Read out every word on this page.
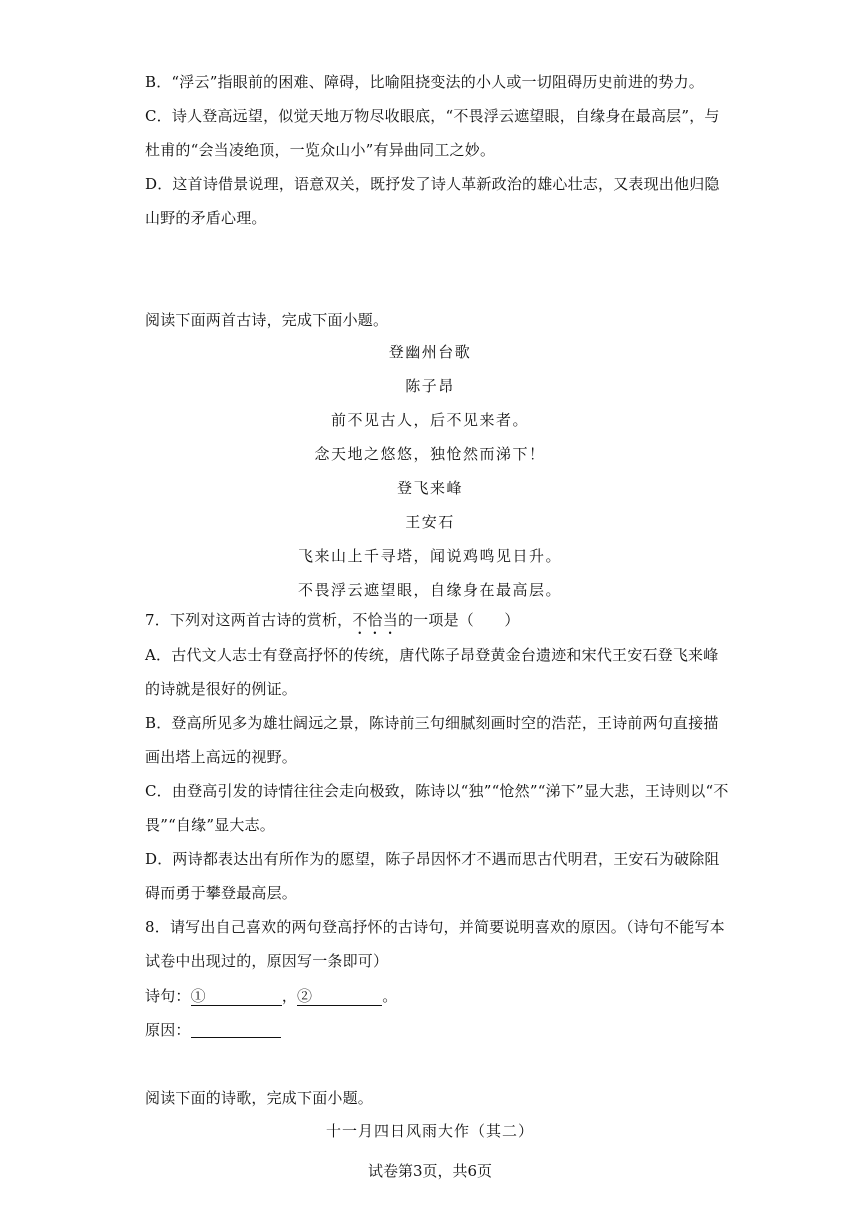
B．“浮云”指眼前的困难、障碍，比喻阻挠变法的小人或一切阻碍历史前进的势力。
C．诗人登高远望，似觉天地万物尽收眼底，“不畏浮云遮望眼，自缘身在最高层”，与
杜甫的“会当凌绝顶，一览众山小”有异曲同工之妙。
D．这首诗借景说理，语意双关，既抒发了诗人革新政治的雄心壮志，又表现出他归隐
山野的矛盾心理。
阅读下面两首古诗，完成下面小题。
登幽州台歌
陈子昂
前不见古人，后不见来者。
念天地之悠悠，独怆然而涕下！
登飞来峰
王安石
飞来山上千寻塔，闻说鸡鸣见日升。
不畏浮云遮望眼，自缘身在最高层。
7．下列对这两首古诗的赏析，不恰当的一项是（　　）
A．古代文人志士有登高抒怀的传统，唐代陈子昂登黄金台遗迹和宋代王安石登飞来峰
的诗就是很好的例证。
B．登高所见多为雄壮阔远之景，陈诗前三句细腻刻画时空的浩茫，王诗前两句直接描
画出塔上高远的视野。
C．由登高引发的诗情往往会走向极致，陈诗以“独”“怆然”“涕下”显大悲，王诗则以“不
畏”“自缘”显大志。
D．两诗都表达出有所作为的愿望，陈子昂因怀才不遇而思古代明君，王安石为破除阻
碍而勇于攀登最高层。
8．请写出自己喜欢的两句登高抒怀的古诗句，并简要说明喜欢的原因。（诗句不能写本
试卷中出现过的，原因写一条即可）
诗句：①	，②	。
原因：
阅读下面的诗歌，完成下面小题。
十一月四日风雨大作（其二）
试卷第3页，共6页
